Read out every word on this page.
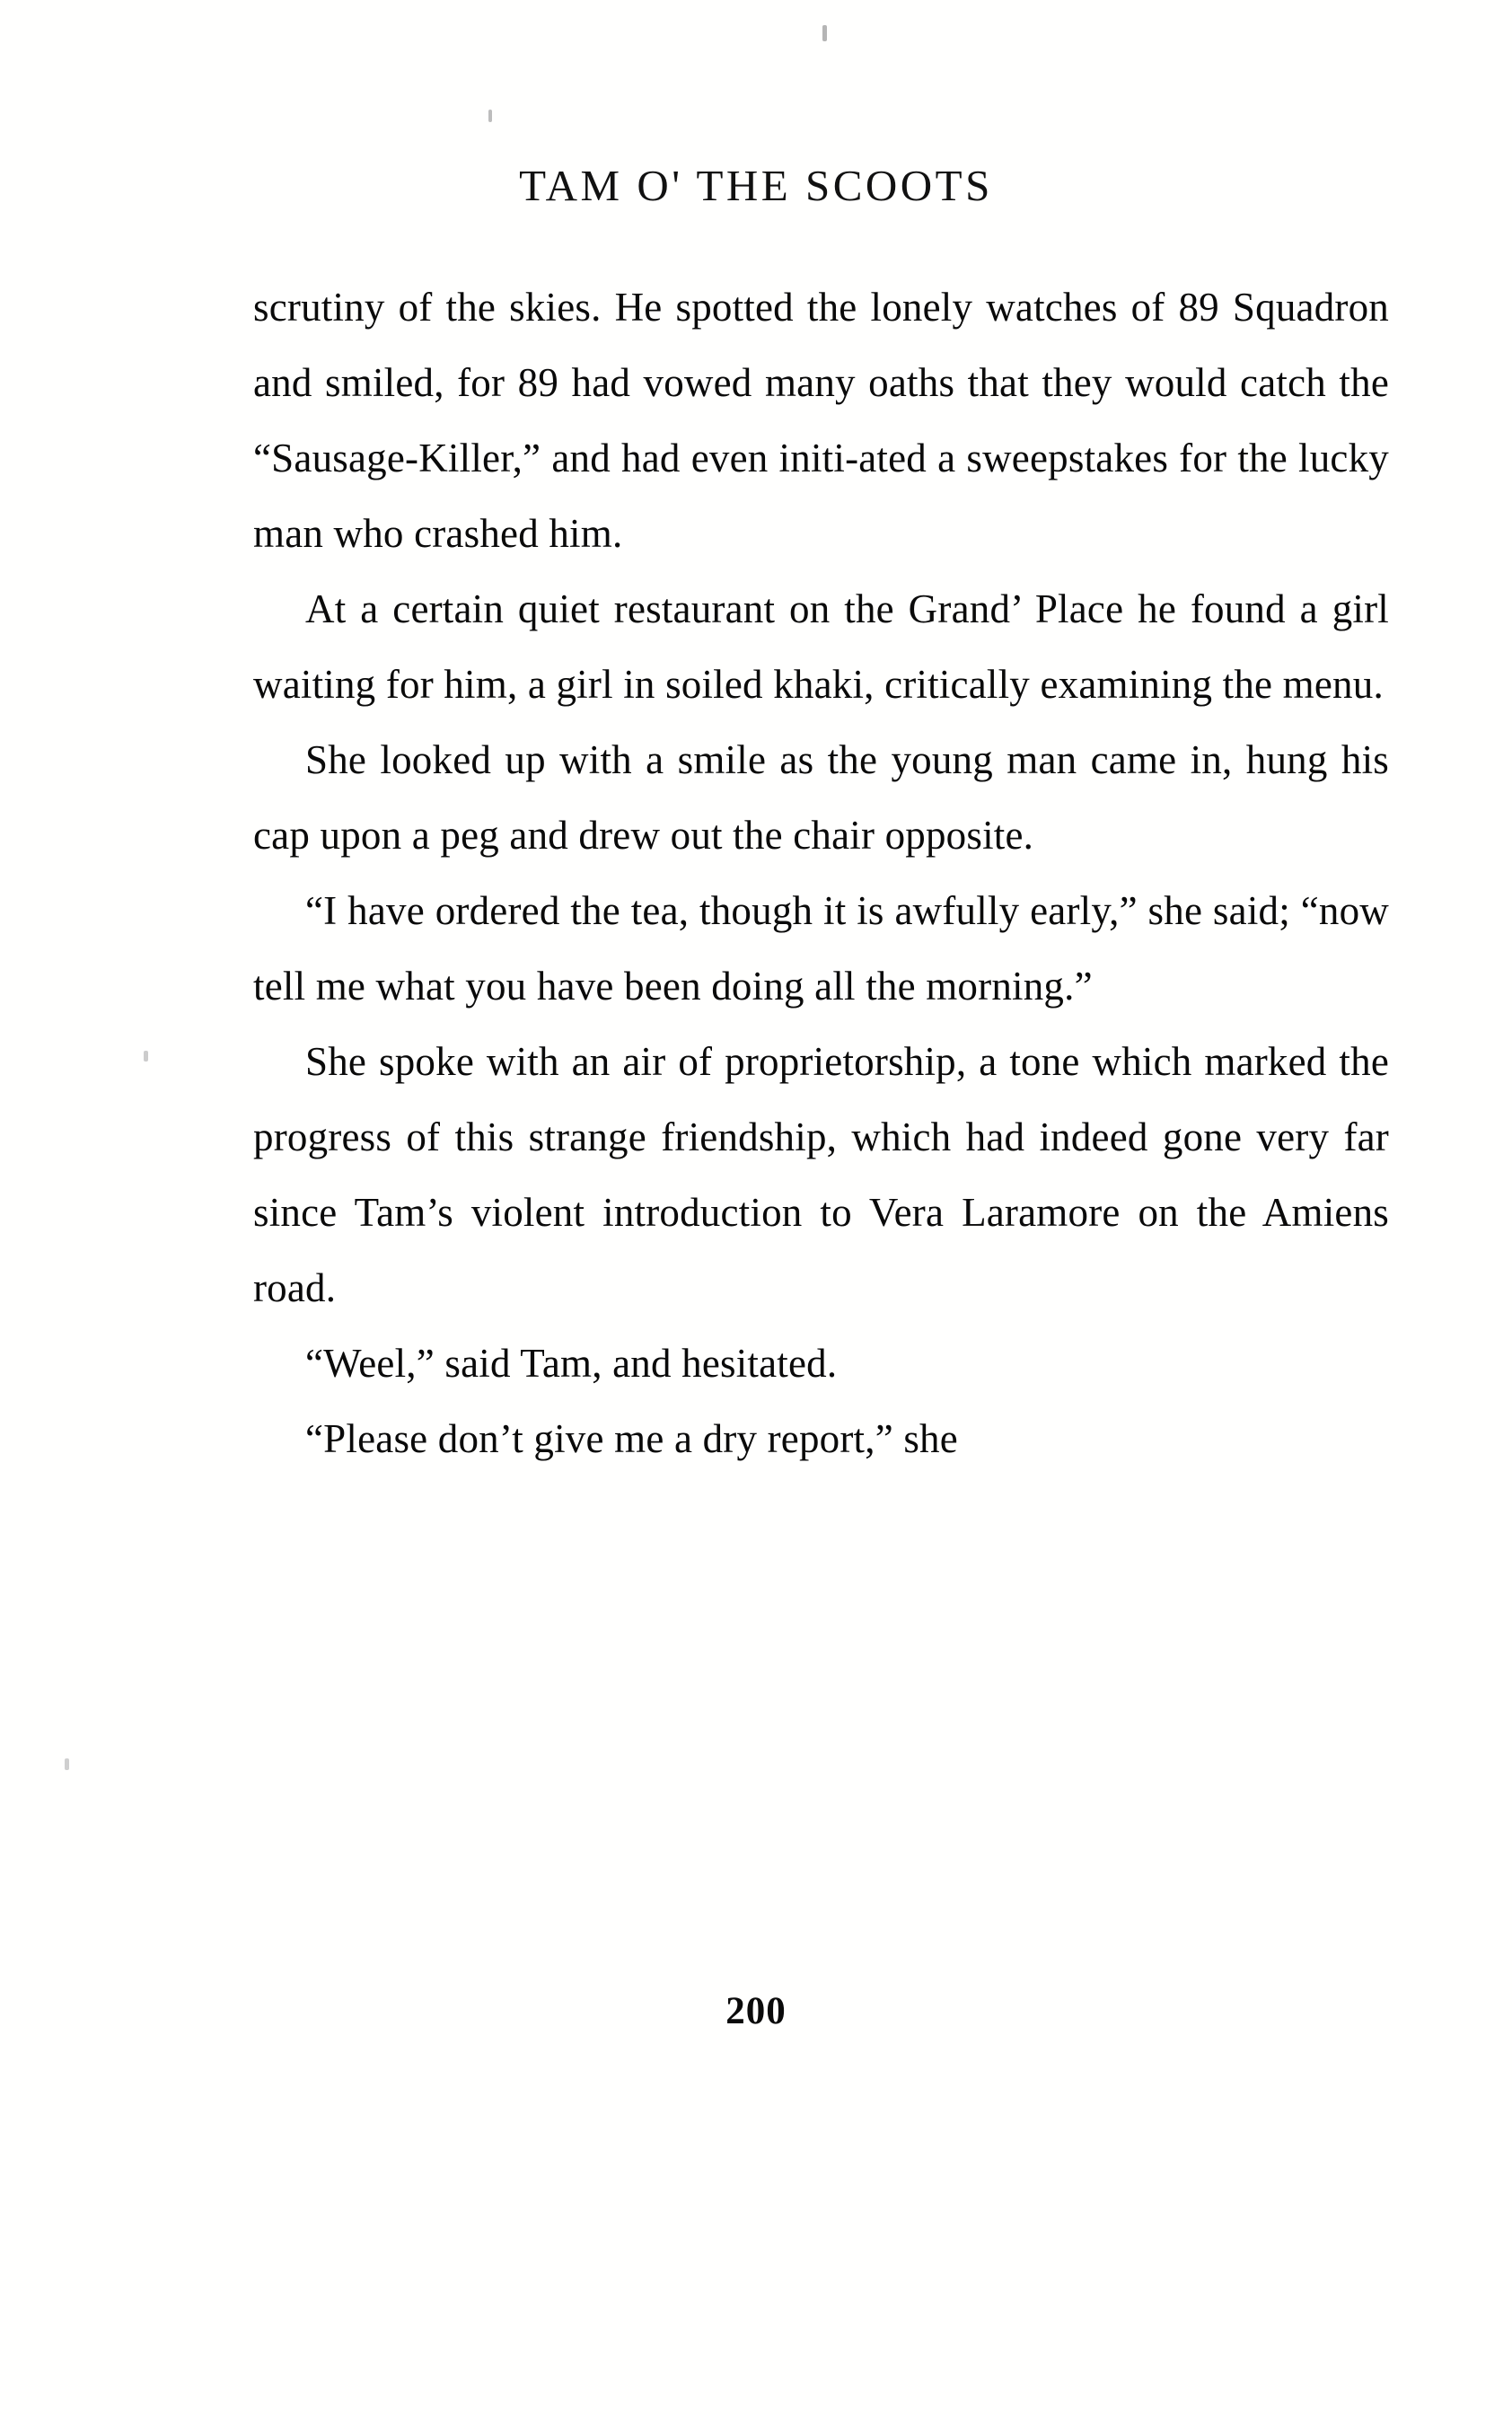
TAM O' THE SCOOTS

scrutiny of the skies. He spotted the lonely watches of 89 Squadron and smiled, for 89 had vowed many oaths that they would catch the “Sausage-Killer,” and had even initi-ated a sweepstakes for the lucky man who crashed him.

At a certain quiet restaurant on the Grand’ Place he found a girl waiting for him, a girl in soiled khaki, critically examining the menu.

She looked up with a smile as the young man came in, hung his cap upon a peg and drew out the chair opposite.

“I have ordered the tea, though it is awfully early,” she said; “now tell me what you have been doing all the morning.”

She spoke with an air of proprietorship, a tone which marked the progress of this strange friendship, which had indeed gone very far since Tam’s violent introduction to Vera Laramore on the Amiens road.

“Weel,” said Tam, and hesitated.

“Please don’t give me a dry report,” she

200
